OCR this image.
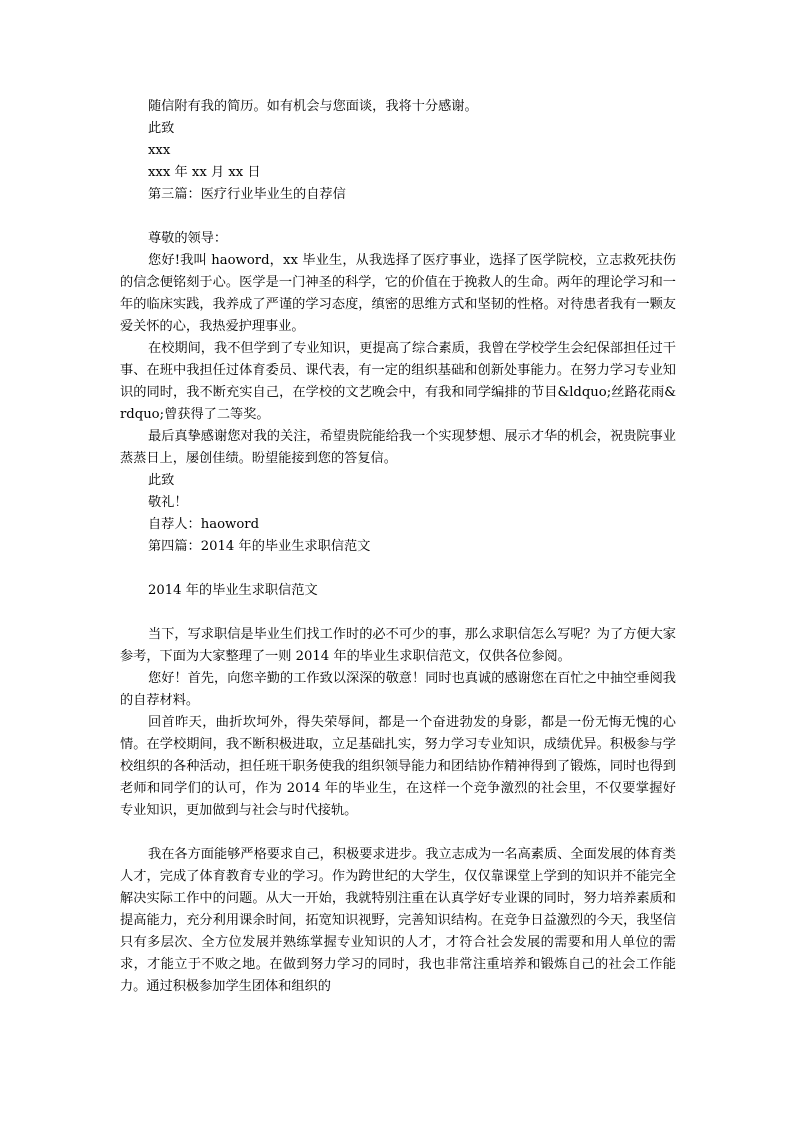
随信附有我的简历。如有机会与您面谈，我将十分感谢。

此致

xxx

xxx 年 xx 月 xx 日

第三篇：医疗行业毕业生的自荐信

尊敬的领导：

您好!我叫 haoword，xx 毕业生，从我选择了医疗事业，选择了医学院校，立志救死扶伤的信念便铭刻于心。医学是一门神圣的科学，它的价值在于挽救人的生命。两年的理论学习和一年的临床实践，我养成了严谨的学习态度，缜密的思维方式和坚韧的性格。对待患者我有一颗友爱关怀的心，我热爱护理事业。

在校期间，我不但学到了专业知识，更提高了综合素质，我曾在学校学生会纪保部担任过干事、在班中我担任过体育委员、课代表，有一定的组织基础和创新处事能力。在努力学习专业知识的同时，我不断充实自己，在学校的文艺晚会中，有我和同学编排的节目&ldquo;丝路花雨&rdquo;曾获得了二等奖。

最后真挚感谢您对我的关注，希望贵院能给我一个实现梦想、展示才华的机会，祝贵院事业蒸蒸日上，屡创佳绩。盼望能接到您的答复信。

此致

敬礼！

自荐人：haoword

第四篇：2014 年的毕业生求职信范文

2014 年的毕业生求职信范文

当下，写求职信是毕业生们找工作时的必不可少的事，那么求职信怎么写呢？为了方便大家参考，下面为大家整理了一则 2014 年的毕业生求职信范文，仅供各位参阅。

您好！首先，向您辛勤的工作致以深深的敬意！同时也真诚的感谢您在百忙之中抽空垂阅我的自荐材料。

回首昨天，曲折坎坷外，得失荣辱间，都是一个奋进勃发的身影，都是一份无悔无愧的心情。在学校期间，我不断积极进取，立足基础扎实，努力学习专业知识，成绩优异。积极参与学校组织的各种活动，担任班干职务使我的组织领导能力和团结协作精神得到了锻炼，同时也得到老师和同学们的认可，作为 2014 年的毕业生，在这样一个竞争激烈的社会里，不仅要掌握好专业知识，更加做到与社会与时代接轨。

我在各方面能够严格要求自己，积极要求进步。我立志成为一名高素质、全面发展的体育类人才，完成了体育教育专业的学习。作为跨世纪的大学生，仅仅靠课堂上学到的知识并不能完全解决实际工作中的问题。从大一开始，我就特别注重在认真学好专业课的同时，努力培养素质和提高能力，充分利用课余时间，拓宽知识视野，完善知识结构。在竞争日益激烈的今天，我坚信只有多层次、全方位发展并熟练掌握专业知识的人才，才符合社会发展的需要和用人单位的需求，才能立于不败之地。在做到努力学习的同时，我也非常注重培养和锻炼自己的社会工作能力。通过积极参加学生团体和组织的
